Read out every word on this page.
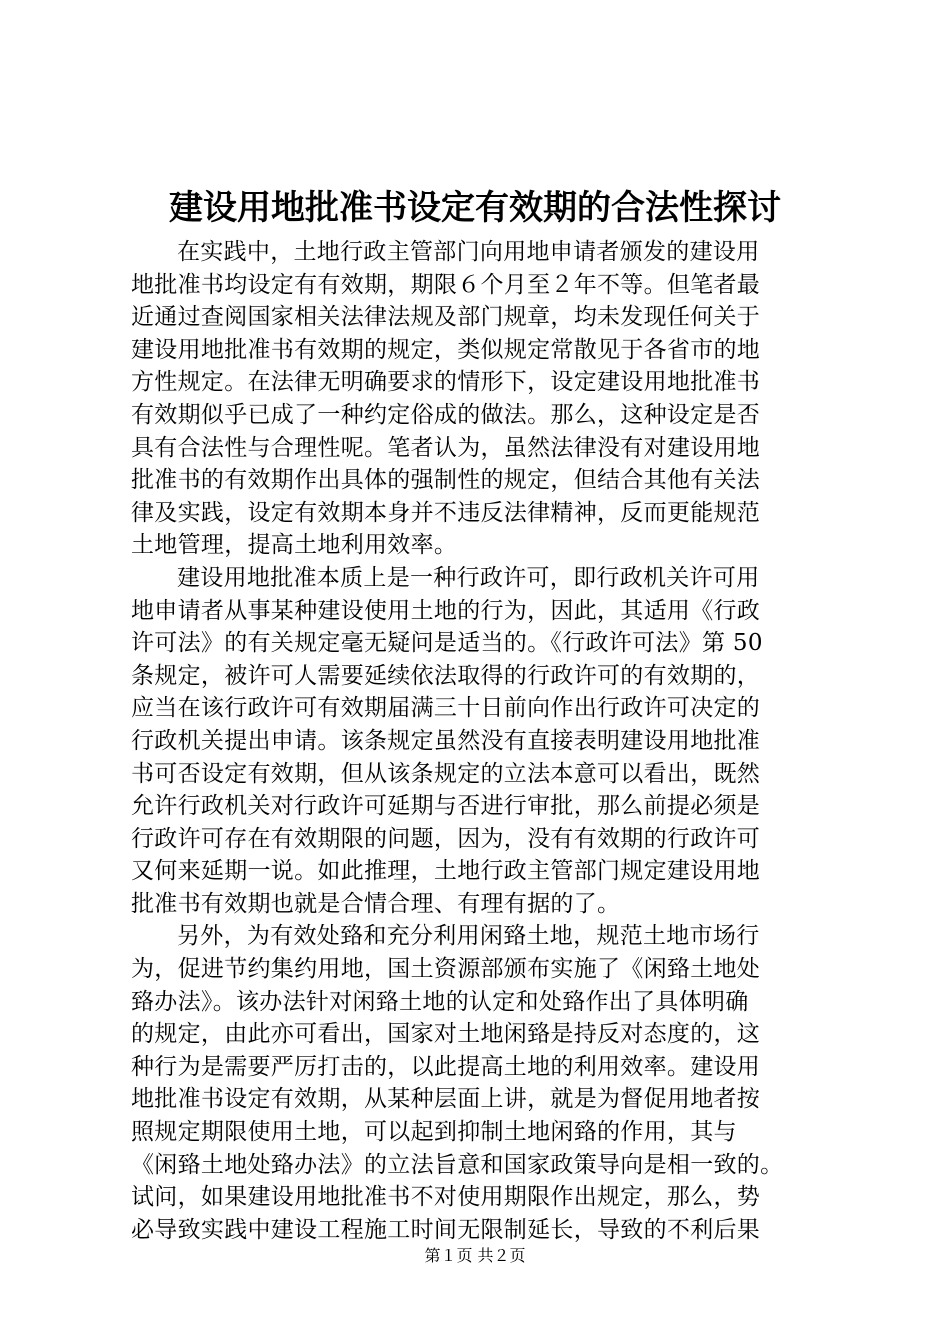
建设用地批准书设定有效期的合法性探讨
在实践中，土地行政主管部门向用地申请者颁发的建设用
地批准书均设定有有效期，期限６个月至２年不等。但笔者最
近通过查阅国家相关法律法规及部门规章，均未发现任何关于
建设用地批准书有效期的规定，类似规定常散见于各省市的地
方性规定。在法律无明确要求的情形下，设定建设用地批准书
有效期似乎已成了一种约定俗成的做法。那么，这种设定是否
具有合法性与合理性呢。笔者认为，虽然法律没有对建设用地
批准书的有效期作出具体的强制性的规定，但结合其他有关法
律及实践，设定有效期本身并不违反法律精神，反而更能规范
土地管理，提高土地利用效率。
建设用地批准本质上是一种行政许可，即行政机关许可用
地申请者从事某种建设使用土地的行为，因此，其适用《行政
许可法》的有关规定毫无疑问是适当的。《行政许可法》第 50
条规定，被许可人需要延续依法取得的行政许可的有效期的，
应当在该行政许可有效期届满三十日前向作出行政许可决定的
行政机关提出申请。该条规定虽然没有直接表明建设用地批准
书可否设定有效期，但从该条规定的立法本意可以看出，既然
允许行政机关对行政许可延期与否进行审批，那么前提必须是
行政许可存在有效期限的问题，因为，没有有效期的行政许可
又何来延期一说。如此推理，土地行政主管部门规定建设用地
批准书有效期也就是合情合理、有理有据的了。
另外，为有效处臵和充分利用闲臵土地，规范土地市场行
为，促进节约集约用地，国土资源部颁布实施了《闲臵土地处
臵办法》。该办法针对闲臵土地的认定和处臵作出了具体明确
的规定，由此亦可看出，国家对土地闲臵是持反对态度的，这
种行为是需要严厉打击的，以此提高土地的利用效率。建设用
地批准书设定有效期，从某种层面上讲，就是为督促用地者按
照规定期限使用土地，可以起到抑制土地闲臵的作用，其与
《闲臵土地处臵办法》的立法旨意和国家政策导向是相一致的。
试问，如果建设用地批准书不对使用期限作出规定，那么，势
必导致实践中建设工程施工时间无限制延长，导致的不利后果
第１页 共２页
